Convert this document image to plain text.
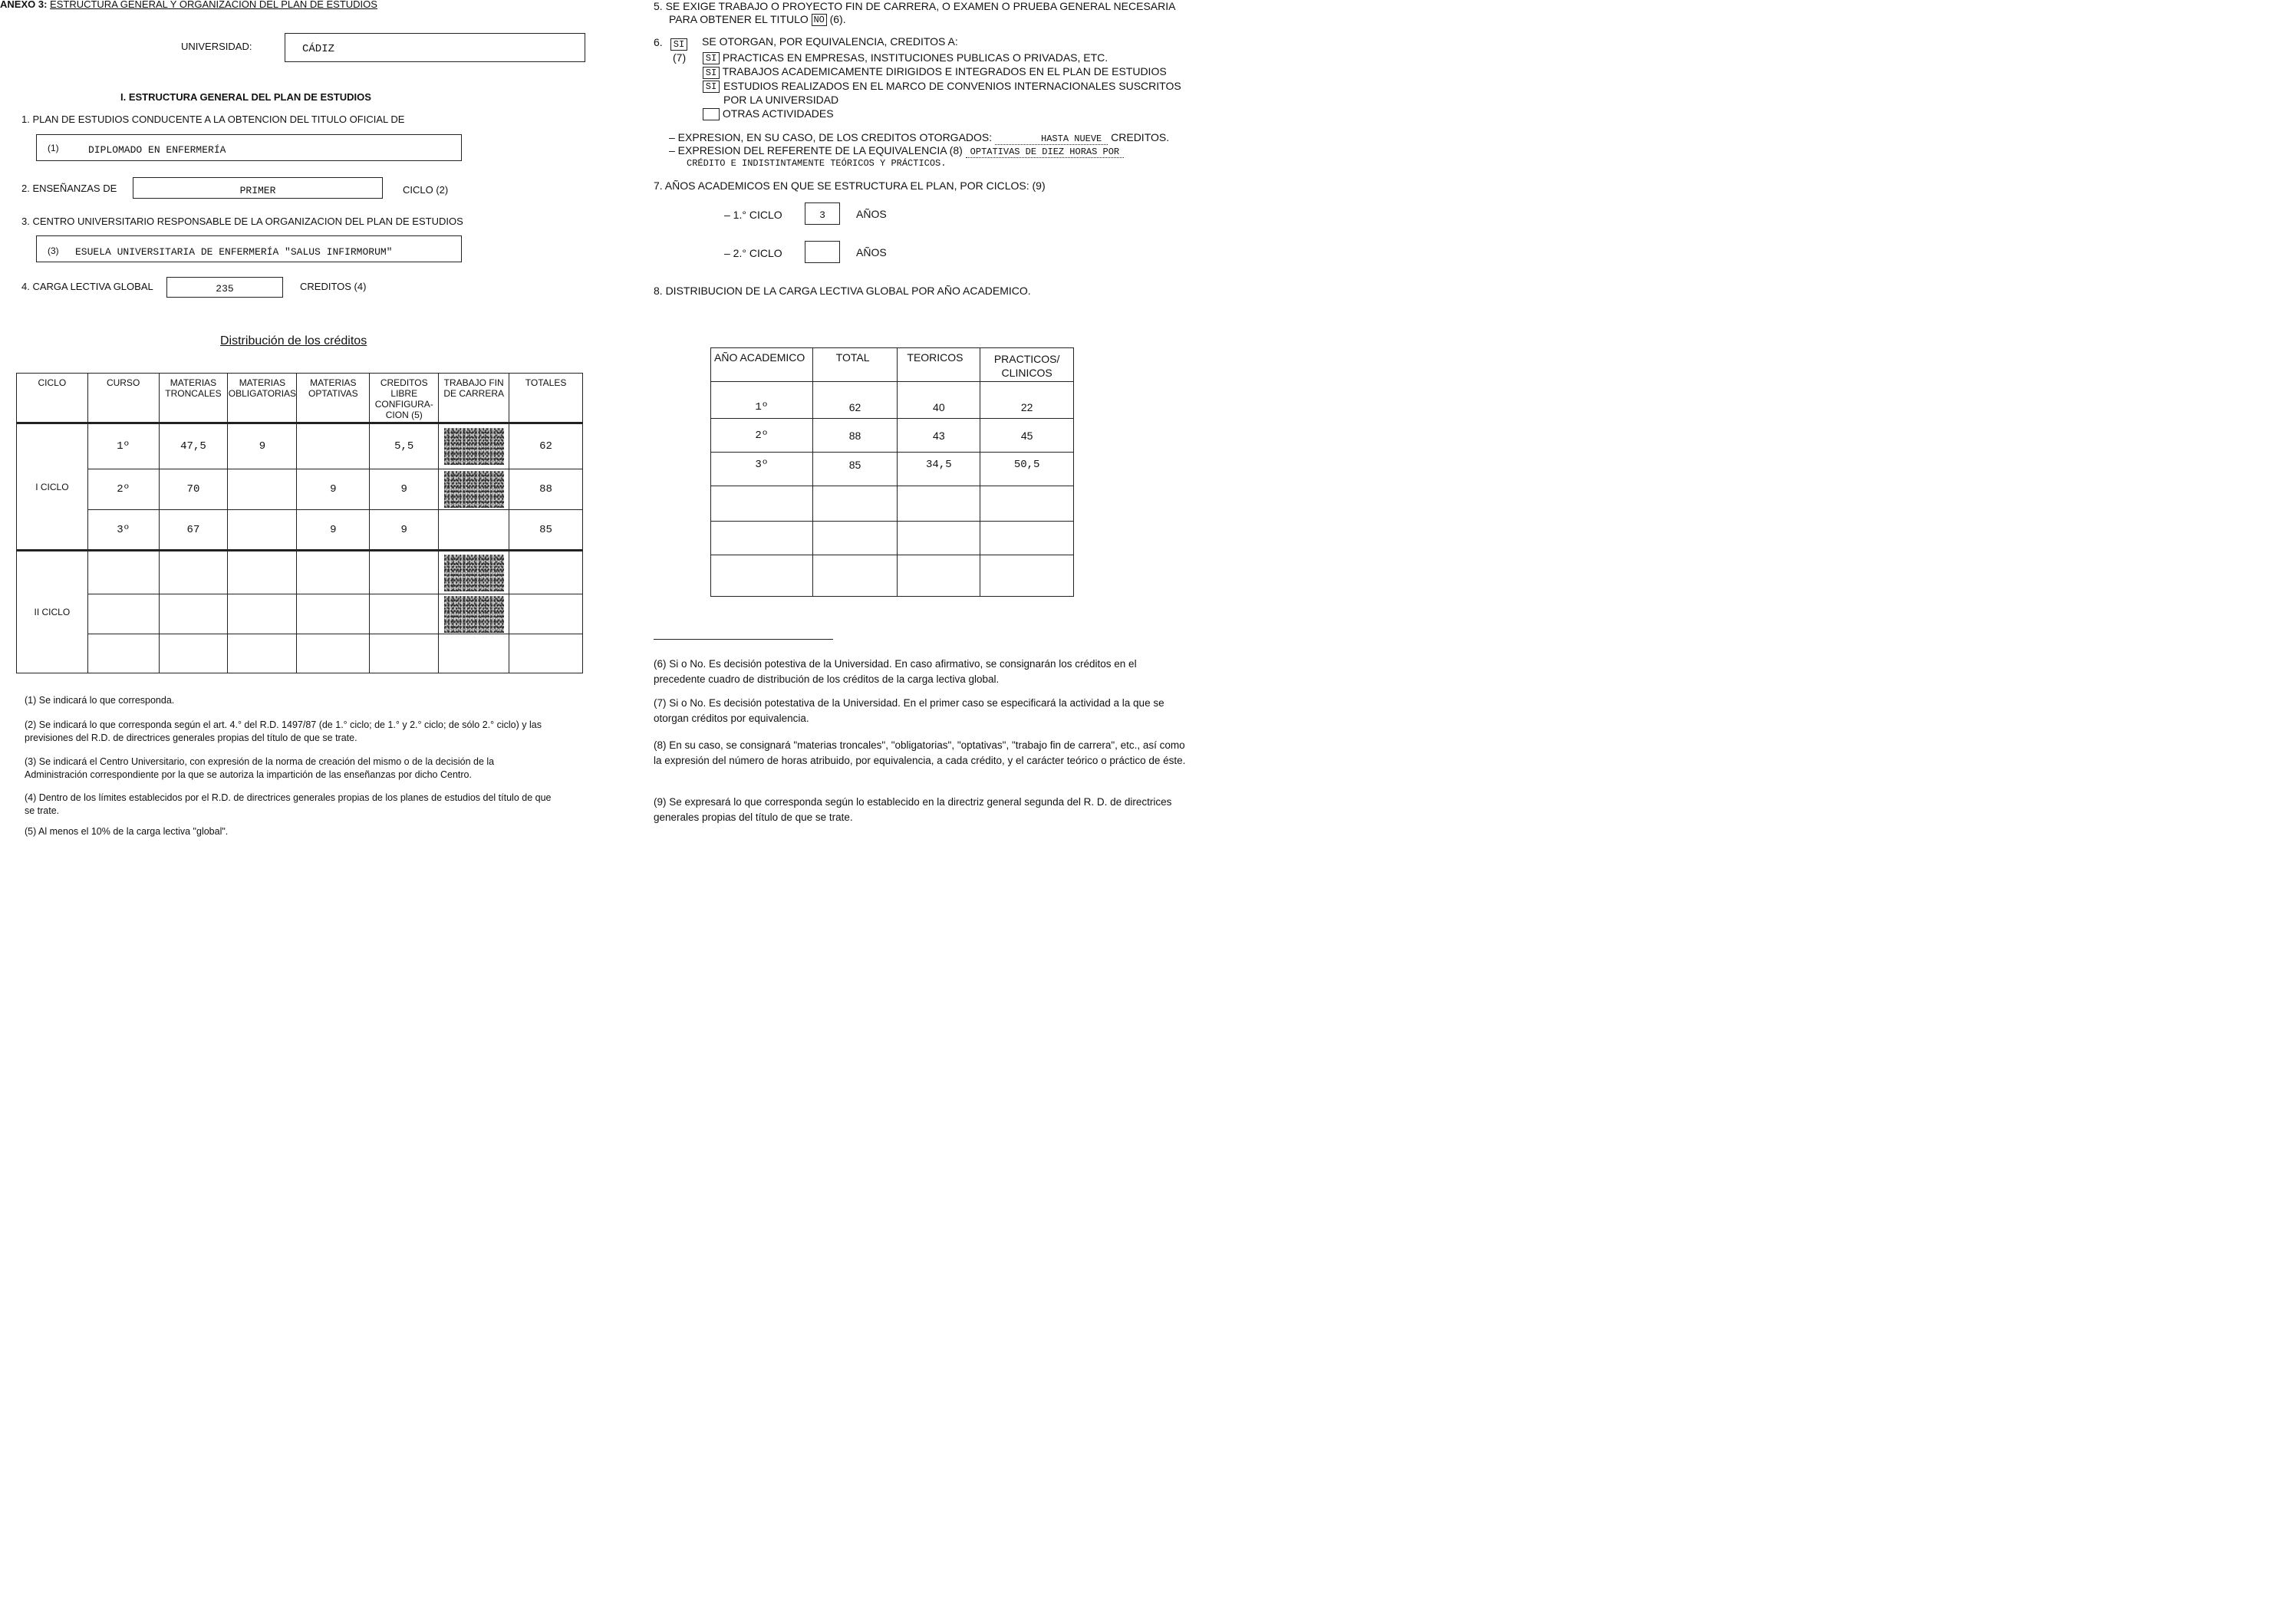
ANEXO 3: ESTRUCTURA GENERAL Y ORGANIZACION DEL PLAN DE ESTUDIOS
UNIVERSIDAD:	CÁDIZ
I. ESTRUCTURA GENERAL DEL PLAN DE ESTUDIOS
1. PLAN DE ESTUDIOS CONDUCENTE A LA OBTENCION DEL TITULO OFICIAL DE
(1)	DIPLOMADO EN ENFERMERÍA
2. ENSEÑANZAS DE	PRIMER	CICLO (2)
3. CENTRO UNIVERSITARIO RESPONSABLE DE LA ORGANIZACION DEL PLAN DE ESTUDIOS
(3) ESUELA UNIVERSITARIA DE ENFERMERÍA "SALUS INFIRMORUM"
4. CARGA LECTIVA GLOBAL	235	CREDITOS (4)
Distribución de los créditos
CICLO	CURSO	MATERIAS TRONCALES	MATERIAS OBLIGATORIAS	MATERIAS OPTATIVAS	CREDITOS LIBRE CONFIGURA- CION (5)	TRABAJO FIN DE CARRERA	TOTALES
I CICLO	1º	47,5	9		5,5		62
	2º	70		9	9		88
	3º	67		9	9		85
II CICLO						

(1) Se indicará lo que corresponda.
(2) Se indicará lo que corresponda según el art. 4.° del R.D. 1497/87 (de 1.° ciclo; de 1.° y 2.° ciclo; de sólo 2.° ciclo) y las previsiones del R.D. de directrices generales propias del título de que se trate.
(3) Se indicará el Centro Universitario, con expresión de la norma de creación del mismo o de la decisión de la Administración correspondiente por la que se autoriza la impartición de las enseñanzas por dicho Centro.
(4) Dentro de los límites establecidos por el R.D. de directrices generales propias de los planes de estudios del título de que se trate.
(5) Al menos el 10% de la carga lectiva "global".
5. SE EXIGE TRABAJO O PROYECTO FIN DE CARRERA, O EXAMEN O PRUEBA GENERAL NECESARIA
PARA OBTENER EL TITULO NO (6).
6.	SI
(7)
SE OTORGAN, POR EQUIVALENCIA, CREDITOS A:
SI PRACTICAS EN EMPRESAS, INSTITUCIONES PUBLICAS O PRIVADAS, ETC.
SI TRABAJOS ACADEMICAMENTE DIRIGIDOS E INTEGRADOS EN EL PLAN DE ESTUDIOS
SI ESTUDIOS REALIZADOS EN EL MARCO DE CONVENIOS INTERNACIONALES SUSCRITOS POR LA UNIVERSIDAD
OTRAS ACTIVIDADES
– EXPRESION, EN SU CASO, DE LOS CREDITOS OTORGADOS:	HASTA NUEVE CREDITOS.
– EXPRESION DEL REFERENTE DE LA EQUIVALENCIA (8) OPTATIVAS DE DIEZ HORAS POR
CRÉDITO E INDISTINTAMENTE TEÓRICOS Y PRÁCTICOS.
7. AÑOS ACADEMICOS EN QUE SE ESTRUCTURA EL PLAN, POR CICLOS: (9)
– 1.° CICLO	3	AÑOS
– 2.° CICLO	AÑOS
8. DISTRIBUCION DE LA CARGA LECTIVA GLOBAL POR AÑO ACADEMICO.
AÑO ACADEMICO	TOTAL	TEORICOS	PRACTICOS/ CLINICOS
1º	62	40	22
2º	88	43	45
3º	85	34,5	50,5

(6) Si o No. Es decisión potestiva de la Universidad. En caso afirmativo, se consignarán los créditos en el precedente cuadro de distribución de los créditos de la carga lectiva global.
(7) Si o No. Es decisión potestativa de la Universidad. En el primer caso se especificará la actividad a la que se otorgan créditos por equivalencia.
(8) En su caso, se consignará "materias troncales", "obligatorias", "optativas", "trabajo fin de carrera", etc., así como la expresión del número de horas atribuido, por equivalencia, a cada crédito, y el carácter teórico o práctico de éste.
(9) Se expresará lo que corresponda según lo establecido en la directriz general segunda del R. D. de directrices generales propias del título de que se trate.
